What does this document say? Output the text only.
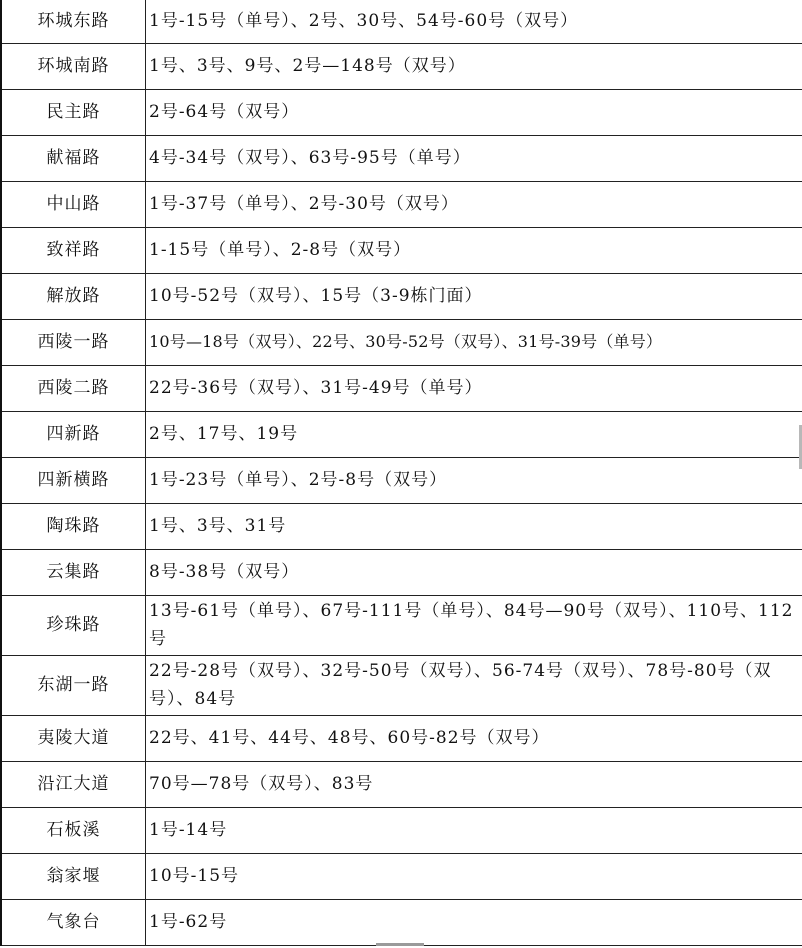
环城东路	1号-15号（单号）、2号、30号、54号-60号（双号）
环城南路	1号、3号、9号、2号—148号（双号）
民主路	2号-64号（双号）
献福路	4号-34号（双号）、63号-95号（单号）
中山路	1号-37号（单号）、2号-30号（双号）
致祥路	1-15号（单号）、2-8号（双号）
解放路	10号-52号（双号）、15号（3-9栋门面）
西陵一路	10号—18号（双号）、22号、30号-52号（双号）、31号-39号（单号）
西陵二路	22号-36号（双号）、31号-49号（单号）
四新路	2号、17号、19号
四新横路	1号-23号（单号）、2号-8号（双号）
陶珠路	1号、3号、31号
云集路	8号-38号（双号）
珍珠路	13号-61号（单号）、67号-111号（单号）、84号—90号（双号）、110号、112号
东湖一路	22号-28号（双号）、32号-50号（双号）、56-74号（双号）、78号-80号（双号）、84号
夷陵大道	22号、41号、44号、48号、60号-82号（双号）
沿江大道	70号—78号（双号）、83号
石板溪	1号-14号
翁家堰	10号-15号
气象台	1号-62号
